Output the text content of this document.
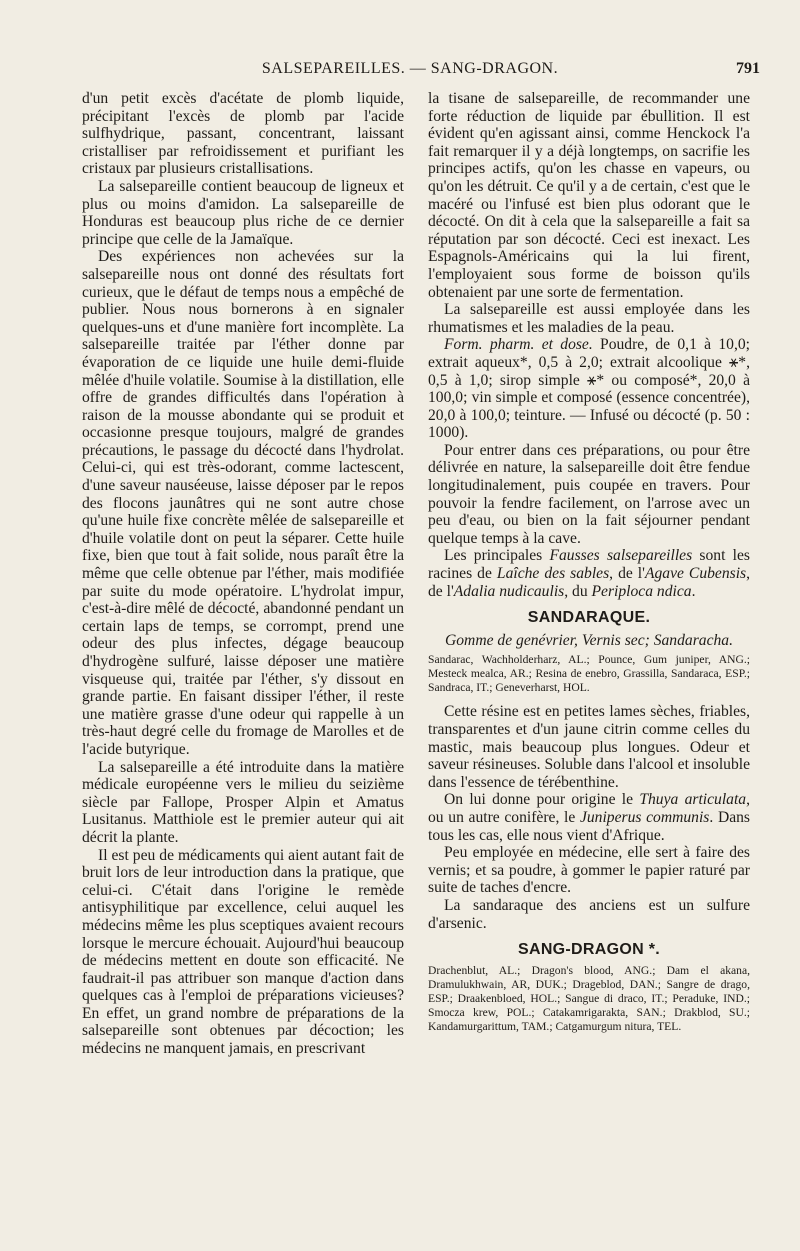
SALSEPAREILLES. — SANG-DRAGON.	791

d'un petit excès d'acétate de plomb liquide, précipitant l'excès de plomb par l'acide sulfhydrique, passant, concentrant, laissant cristalliser par refroidissement et purifiant les cristaux par plusieurs cristallisations.

La salsepareille contient beaucoup de ligneux et plus ou moins d'amidon. La salsepareille de Honduras est beaucoup plus riche de ce dernier principe que celle de la Jamaïque.

Des expériences non achevées sur la salsepareille nous ont donné des résultats fort curieux, que le défaut de temps nous a empêché de publier. Nous nous bornerons à en signaler quelques-uns et d'une manière fort incomplète. La salsepareille traitée par l'éther donne par évaporation de ce liquide une huile demi-fluide mêlée d'huile volatile. Soumise à la distillation, elle offre de grandes difficultés dans l'opération à raison de la mousse abondante qui se produit et occasionne presque toujours, malgré de grandes précautions, le passage du décocté dans l'hydrolat. Celui-ci, qui est très-odorant, comme lactescent, d'une saveur nauséeuse, laisse déposer par le repos des flocons jaunâtres qui ne sont autre chose qu'une huile fixe concrète mêlée de salsepareille et d'huile volatile dont on peut la séparer. Cette huile fixe, bien que tout à fait solide, nous paraît être la même que celle obtenue par l'éther, mais modifiée par suite du mode opératoire. L'hydrolat impur, c'est-à-dire mêlé de décocté, abandonné pendant un certain laps de temps, se corrompt, prend une odeur des plus infectes, dégage beaucoup d'hydrogène sulfuré, laisse déposer une matière visqueuse qui, traitée par l'éther, s'y dissout en grande partie. En faisant dissiper l'éther, il reste une matière grasse d'une odeur qui rappelle à un très-haut degré celle du fromage de Marolles et de l'acide butyrique.

La salsepareille a été introduite dans la matière médicale européenne vers le milieu du seizième siècle par Fallope, Prosper Alpin et Amatus Lusitanus. Matthiole est le premier auteur qui ait décrit la plante.

Il est peu de médicaments qui aient autant fait de bruit lors de leur introduction dans la pratique, que celui-ci. C'était dans l'origine le remède antisyphilitique par excellence, celui auquel les médecins même les plus sceptiques avaient recours lorsque le mercure échouait. Aujourd'hui beaucoup de médecins mettent en doute son efficacité. Ne faudrait-il pas attribuer son manque d'action dans quelques cas à l'emploi de préparations vicieuses? En effet, un grand nombre de préparations de la salsepareille sont obtenues par décoction; les médecins ne manquent jamais, en prescrivant

la tisane de salsepareille, de recommander une forte réduction de liquide par ébullition. Il est évident qu'en agissant ainsi, comme Henckock l'a fait remarquer il y a déjà longtemps, on sacrifie les principes actifs, qu'on les chasse en vapeurs, ou qu'on les détruit. Ce qu'il y a de certain, c'est que le macéré ou l'infusé est bien plus odorant que le décocté. On dit à cela que la salsepareille a fait sa réputation par son décocté. Ceci est inexact. Les Espagnols-Américains qui la lui firent, l'employaient sous forme de boisson qu'ils obtenaient par une sorte de fermentation.

La salsepareille est aussi employée dans les rhumatismes et les maladies de la peau.

Form. pharm. et dose. Poudre, de 0,1 à 10,0; extrait aqueux*, 0,5 à 2,0; extrait alcoolique ⚹*, 0,5 à 1,0; sirop simple ⚹* ou composé*, 20,0 à 100,0; vin simple et composé (essence concentrée), 20,0 à 100,0; teinture. — Infusé ou décocté (p. 50 : 1000).

Pour entrer dans ces préparations, ou pour être délivrée en nature, la salsepareille doit être fendue longitudinalement, puis coupée en travers. Pour pouvoir la fendre facilement, on l'arrose avec un peu d'eau, ou bien on la fait séjourner pendant quelque temps à la cave.

Les principales Fausses salsepareilles sont les racines de Laîche des sables, de l'Agave Cubensis, de l'Adalia nudicaulis, du Periploca ndica.

SANDARAQUE.

Gomme de genévrier, Vernis sec; Sandaracha.

Sandarac, Wachholderharz, AL.; Pounce, Gum juniper, ANG.; Mesteck mealca, AR.; Resina de enebro, Grassilla, Sandaraca, ESP.; Sandraca, IT.; Geneverharst, HOL.

Cette résine est en petites lames sèches, friables, transparentes et d'un jaune citrin comme celles du mastic, mais beaucoup plus longues. Odeur et saveur résineuses. Soluble dans l'alcool et insoluble dans l'essence de térébenthine.

On lui donne pour origine le Thuya articulata, ou un autre conifère, le Juniperus communis. Dans tous les cas, elle nous vient d'Afrique.

Peu employée en médecine, elle sert à faire des vernis; et sa poudre, à gommer le papier raturé par suite de taches d'encre.

La sandaraque des anciens est un sulfure d'arsenic.

SANG-DRAGON *.

Drachenblut, AL.; Dragon's blood, ANG.; Dam el akana, Dramulukhwain, AR, DUK.; Drageblod, DAN.; Sangre de drago, ESP.; Draakenbloed, HOL.; Sangue di draco, IT.; Peraduke, IND.; Smocza krew, POL.; Catakamrigarakta, SAN.; Drakblod, SU.; Kandamurgarittum, TAM.; Catgamurgum nitura, TEL.
